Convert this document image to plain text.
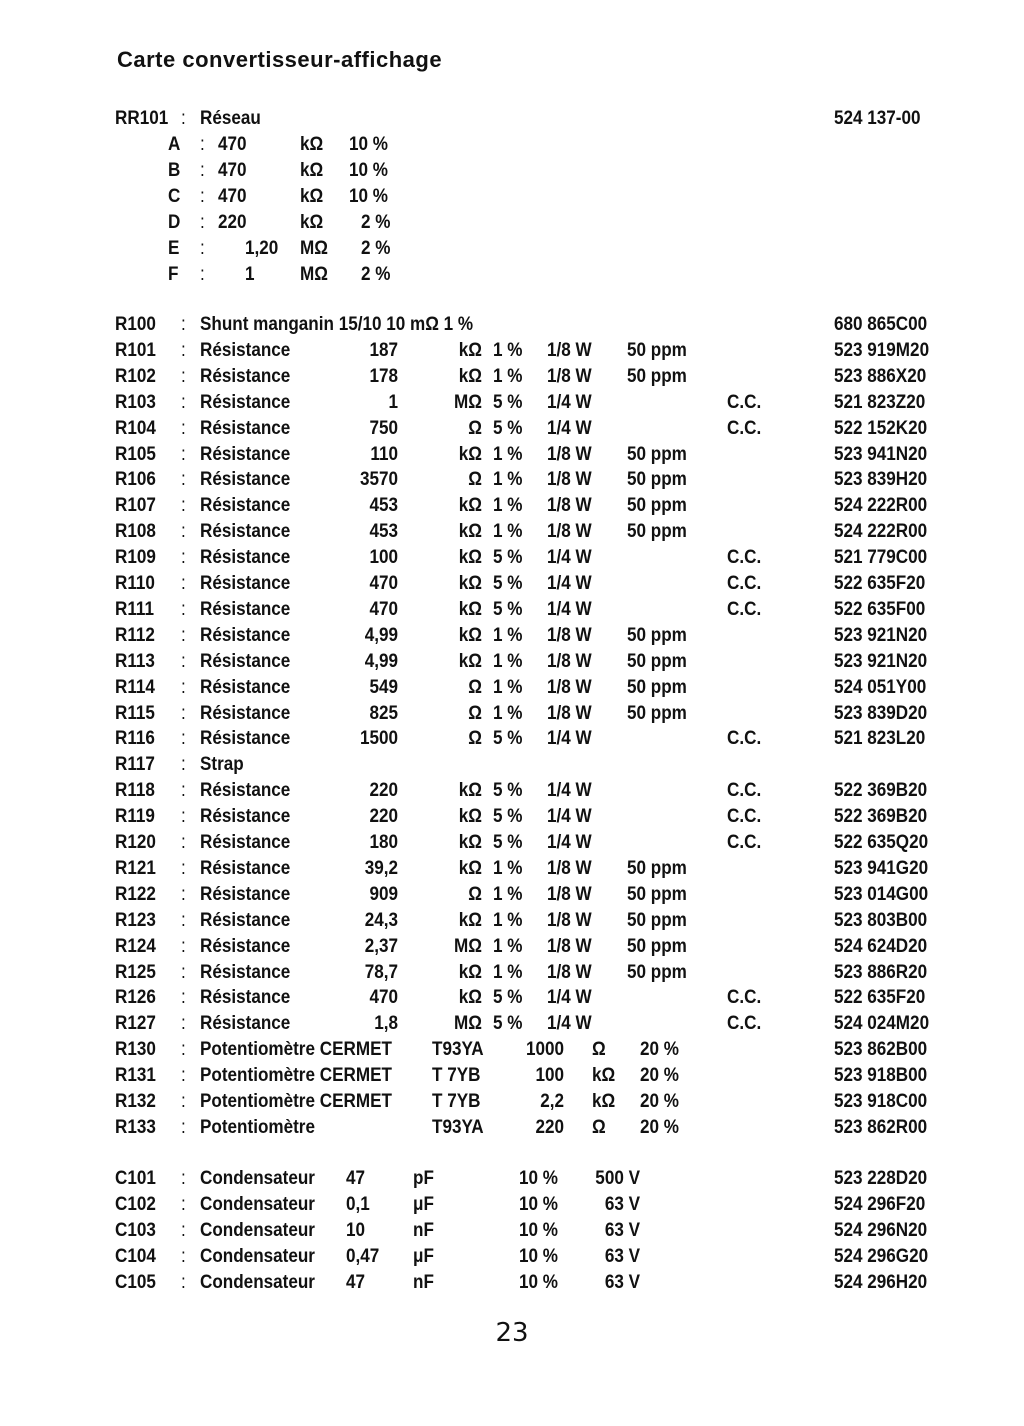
Carte convertisseur-affichage
RR101 : Réseau	524 137-00
A : 470	kΩ 10 %
B : 470	kΩ 10 %
C : 470	kΩ 10 %
D : 220	kΩ 2 %
E : 1,20 MΩ 2 %
F : 1 MΩ 2 %
R100 : Shunt manganin 15/10 10 mΩ 1 %	680 865C00
R101 : Résistance	187	kΩ 1 % 1/8 W 50 ppm	523 919M20
R102 : Résistance	178	kΩ 1 % 1/8 W 50 ppm	523 886X20
R103 : Résistance	1	MΩ 5 % 1/4 W	C.C.	521 823Z20
R104 : Résistance	750	Ω 5 % 1/4 W	C.C.	522 152K20
R105 : Résistance	110	kΩ 1 % 1/8 W 50 ppm	523 941N20
R106 : Résistance	3570	Ω 1 % 1/8 W 50 ppm	523 839H20
R107 : Résistance	453	kΩ 1 % 1/8 W 50 ppm	524 222R00
R108 : Résistance	453	kΩ 1 % 1/8 W 50 ppm	524 222R00
R109 : Résistance	100	kΩ 5 % 1/4 W	C.C.	521 779C00
R110 : Résistance	470	kΩ 5 % 1/4 W	C.C.	522 635F20
R111 : Résistance	470	kΩ 5 % 1/4 W	C.C.	522 635F00
R112 : Résistance	4,99	kΩ 1 % 1/8 W 50 ppm	523 921N20
R113 : Résistance	4,99	kΩ 1 % 1/8 W 50 ppm	523 921N20
R114 : Résistance	549	Ω 1 % 1/8 W 50 ppm	524 051Y00
R115 : Résistance	825	Ω 1 % 1/8 W 50 ppm	523 839D20
R116 : Résistance	1500	Ω 5 % 1/4 W	C.C.	521 823L20
R117 : Strap
R118 : Résistance	220	kΩ 5 % 1/4 W	C.C.	522 369B20
R119 : Résistance	220	kΩ 5 % 1/4 W	C.C.	522 369B20
R120 : Résistance	180	kΩ 5 % 1/4 W	C.C.	522 635Q20
R121 : Résistance	39,2	kΩ 1 % 1/8 W 50 ppm	523 941G20
R122 : Résistance	909	Ω 1 % 1/8 W 50 ppm	523 014G00
R123 : Résistance	24,3	kΩ 1 % 1/8 W 50 ppm	523 803B00
R124 : Résistance	2,37	MΩ 1 % 1/8 W 50 ppm	524 624D20
R125 : Résistance	78,7	kΩ 1 % 1/8 W 50 ppm	523 886R20
R126 : Résistance	470	kΩ 5 % 1/4 W	C.C.	522 635F20
R127 : Résistance	1,8	MΩ 5 % 1/4 W	C.C.	524 024M20
R130 : Potentiomètre CERMET T93YA	1000 Ω 20 %	523 862B00
R131 : Potentiomètre CERMET T 7YB	100 kΩ 20 %	523 918B00
R132 : Potentiomètre CERMET T 7YB	2,2 kΩ 20 %	523 918C00
R133 : Potentiomètre	T93YA	220 Ω 20 %	523 862R00
C101 : Condensateur 47	pF	10 %	500 V	523 228D20
C102 : Condensateur 0,1 μF	10 %	63 V	524 296F20
C103 : Condensateur 10	nF	10 %	63 V	524 296N20
C104 : Condensateur 0,47 μF	10 %	63 V	524 296G20
C105 : Condensateur 47	nF	10 %	63 V	524 296H20
23
